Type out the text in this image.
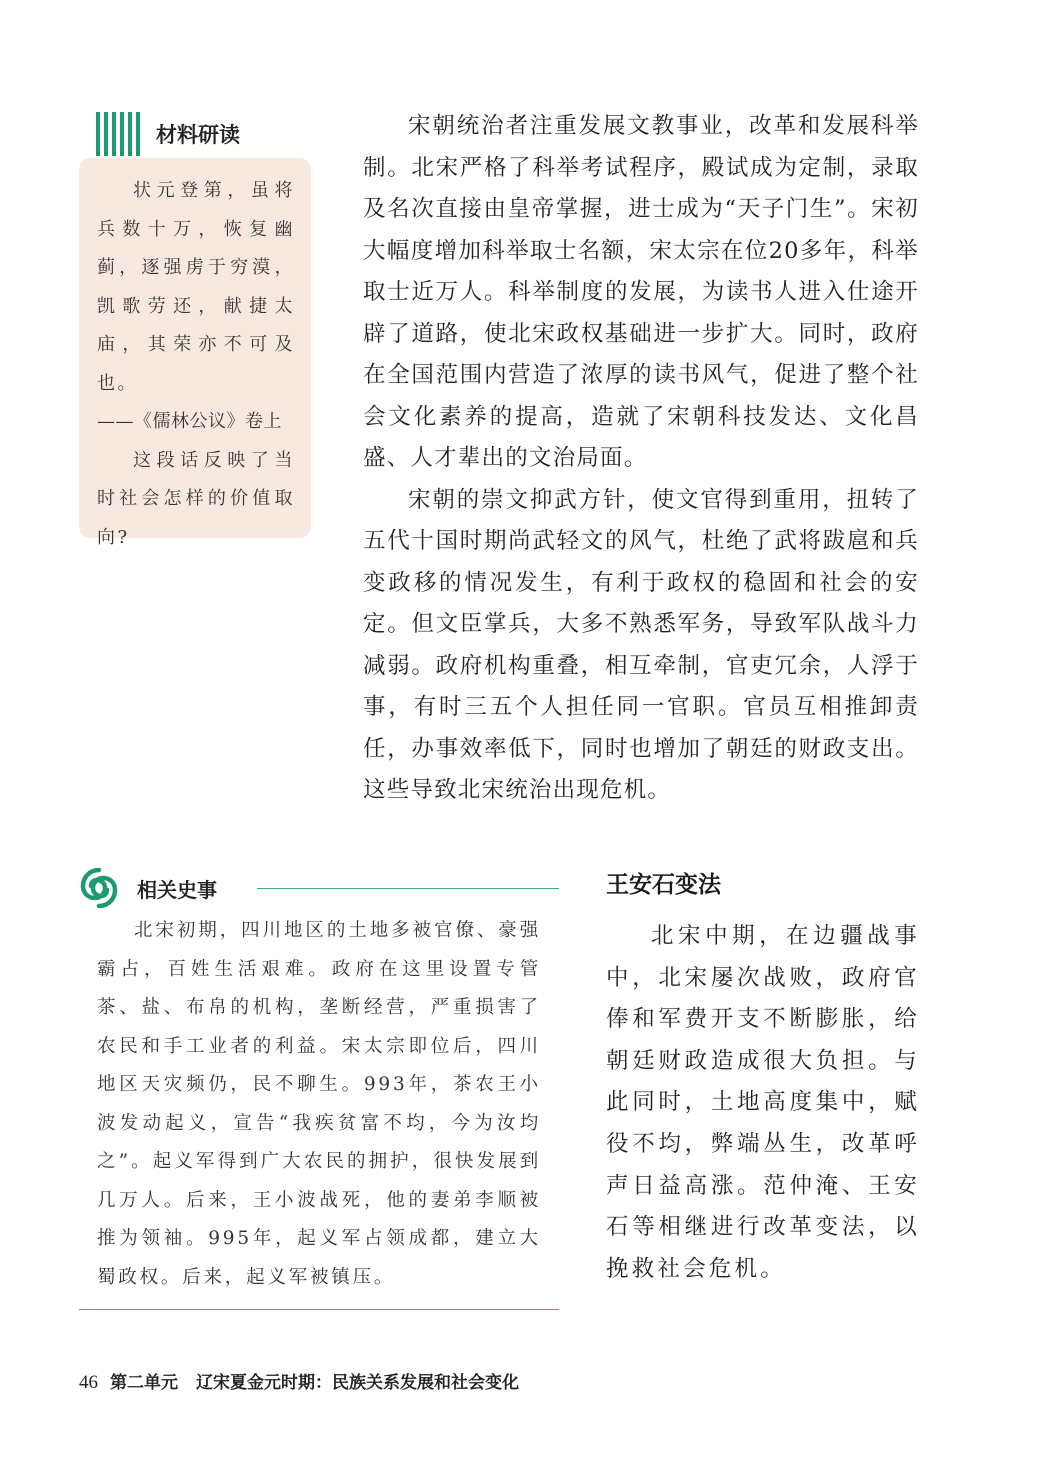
材料研读

状元登第，虽将兵数十万，恢复幽蓟，逐强虏于穷漠，凯歌劳还，献捷太庙，其荣亦不可及也。

——《儒林公议》卷上

这段话反映了当时社会怎样的价值取向?

宋朝统治者注重发展文教事业，改革和发展科举制。北宋严格了科举考试程序，殿试成为定制，录取及名次直接由皇帝掌握，进士成为“天子门生”。宋初大幅度增加科举取士名额，宋太宗在位20多年，科举取士近万人。科举制度的发展，为读书人进入仕途开辟了道路，使北宋政权基础进一步扩大。同时，政府在全国范围内营造了浓厚的读书风气，促进了整个社会文化素养的提高，造就了宋朝科技发达、文化昌盛、人才辈出的文治局面。

宋朝的崇文抑武方针，使文官得到重用，扭转了五代十国时期尚武轻文的风气，杜绝了武将跋扈和兵变政移的情况发生，有利于政权的稳固和社会的安定。但文臣掌兵，大多不熟悉军务，导致军队战斗力减弱。政府机构重叠，相互牵制，官吏冗余，人浮于事，有时三五个人担任同一官职。官员互相推卸责任，办事效率低下，同时也增加了朝廷的财政支出。这些导致北宋统治出现危机。

相关史事

北宋初期，四川地区的土地多被官僚、豪强霸占，百姓生活艰难。政府在这里设置专管茶、盐、布帛的机构，垄断经营，严重损害了农民和手工业者的利益。宋太宗即位后，四川地区天灾频仍，民不聊生。993年，茶农王小波发动起义，宣告“我疾贫富不均，今为汝均之”。起义军得到广大农民的拥护，很快发展到几万人。后来，王小波战死，他的妻弟李顺被推为领袖。995年，起义军占领成都，建立大蜀政权。后来，起义军被镇压。

王安石变法

北宋中期，在边疆战事中，北宋屡次战败，政府官俸和军费开支不断膨胀，给朝廷财政造成很大负担。与此同时，土地高度集中，赋役不均，弊端丛生，改革呼声日益高涨。范仲淹、王安石等相继进行改革变法，以挽救社会危机。

46 第二单元 辽宋夏金元时期：民族关系发展和社会变化
